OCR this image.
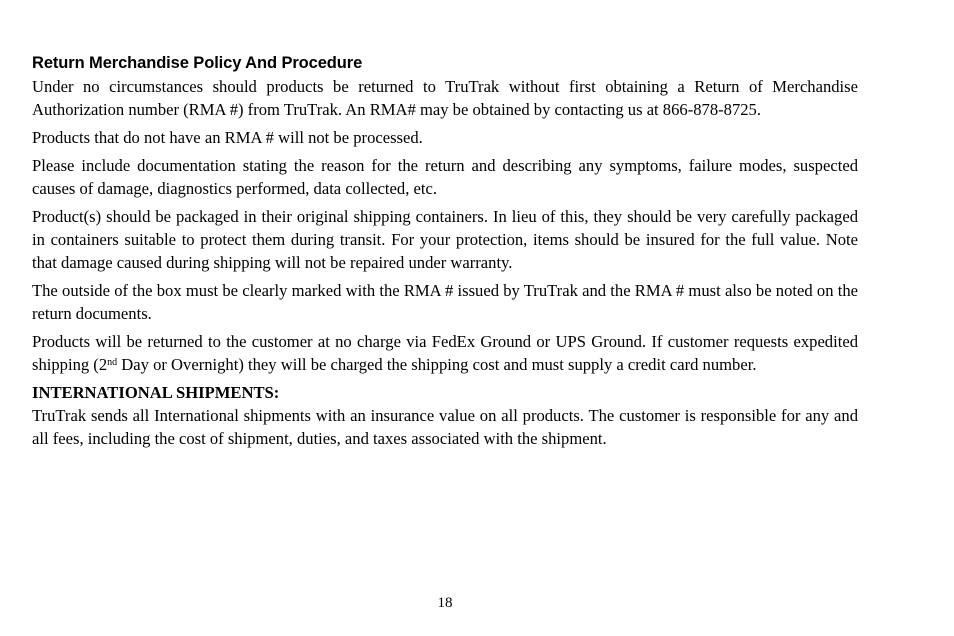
Return Merchandise Policy And Procedure

Under no circumstances should products be returned to TruTrak without first obtaining a Return of Merchandise Authorization number (RMA #) from TruTrak. An RMA# may be obtained by contacting us at 866-878-8725.

Products that do not have an RMA # will not be processed.

Please include documentation stating the reason for the return and describing any symptoms, failure modes, suspected causes of damage, diagnostics performed, data collected, etc.

Product(s) should be packaged in their original shipping containers. In lieu of this, they should be very carefully packaged in containers suitable to protect them during transit. For your protection, items should be insured for the full value. Note that damage caused during shipping will not be repaired under warranty.

The outside of the box must be clearly marked with the RMA # issued by TruTrak and the RMA # must also be noted on the return documents.

Products will be returned to the customer at no charge via FedEx Ground or UPS Ground. If customer requests expedited shipping (2nd Day or Overnight) they will be charged the shipping cost and must supply a credit card number.

INTERNATIONAL SHIPMENTS:

TruTrak sends all International shipments with an insurance value on all products. The customer is responsible for any and all fees, including the cost of shipment, duties, and taxes associated with the shipment.

18
